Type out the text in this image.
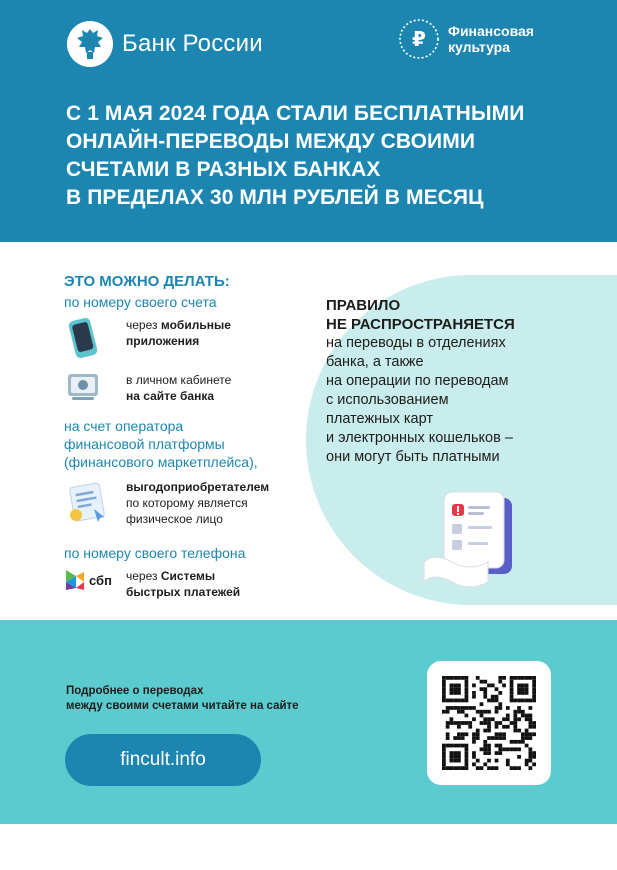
Банк России	₽ Финансовая
культура
С 1 МАЯ 2024 ГОДА СТАЛИ БЕСПЛАТНЫМИ
ОНЛАЙН-ПЕРЕВОДЫ МЕЖДУ СВОИМИ
СЧЕТАМИ В РАЗНЫХ БАНКАХ
В ПРЕДЕЛАХ 30 МЛН РУБЛЕЙ В МЕСЯЦ
ПРАВИЛО
НЕ РАСПРОСТРАНЯЕТСЯ
на переводы в отделениях
банка, а также
на операции по переводам
с использованием
платежных карт
и электронных кошельков –
они могут быть платными
ЭТО МОЖНО ДЕЛАТЬ:
по номеру своего счета
через мобильные
приложения
в личном кабинете
на сайте банка
на счет оператора
финансовой платформы
(финансового маркетплейса),
выгодоприобретателем
по которому является
физическое лицо
по номеру своего телефона
сбп через Системы
быстрых платежей
Подробнее о переводах
между своими счетами читайте на сайте
fincult.info
